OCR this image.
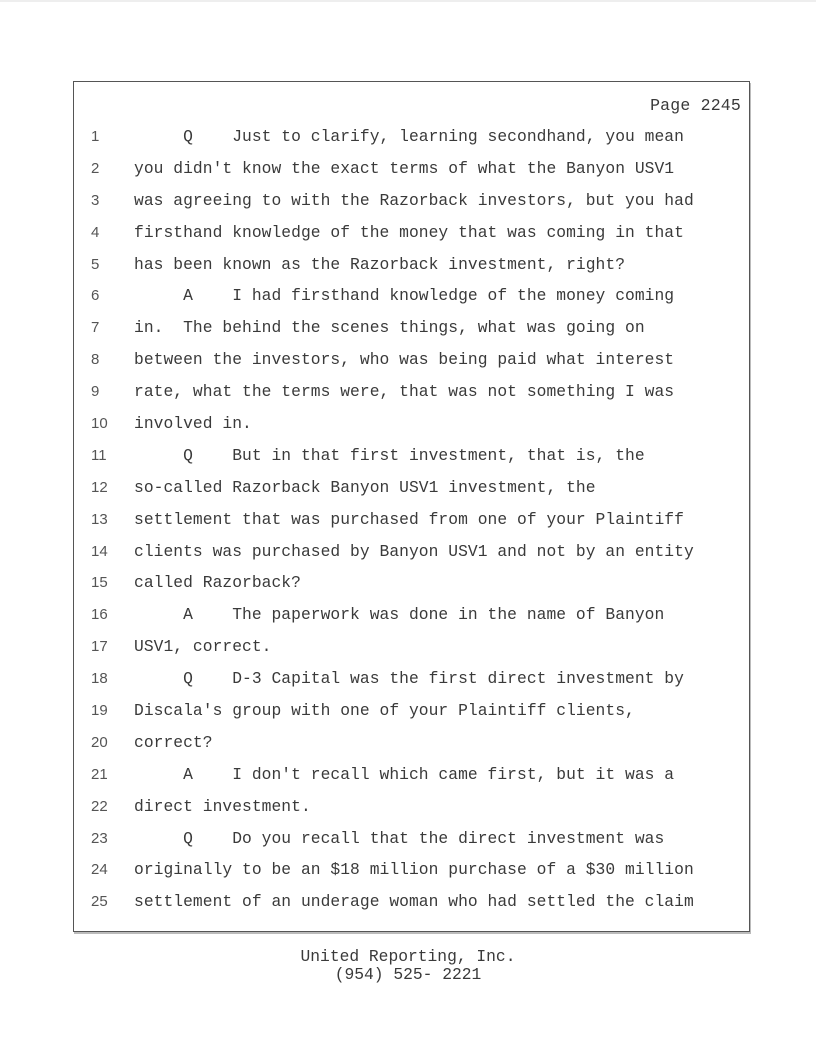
Page 2245
1	Q    Just to clarify, learning secondhand, you mean
2	you didn't know the exact terms of what the Banyon USV1
3	was agreeing to with the Razorback investors, but you had
4	firsthand knowledge of the money that was coming in that
5	has been known as the Razorback investment, right?
6	A    I had firsthand knowledge of the money coming
7	in.  The behind the scenes things, what was going on
8	between the investors, who was being paid what interest
9	rate, what the terms were, that was not something I was
10	involved in.
11	Q    But in that first investment, that is, the
12	so-called Razorback Banyon USV1 investment, the
13	settlement that was purchased from one of your Plaintiff
14	clients was purchased by Banyon USV1 and not by an entity
15	called Razorback?
16	A    The paperwork was done in the name of Banyon
17	USV1, correct.
18	Q    D-3 Capital was the first direct investment by
19	Discala's group with one of your Plaintiff clients,
20	correct?
21	A    I don't recall which came first, but it was a
22	direct investment.
23	Q    Do you recall that the direct investment was
24	originally to be an $18 million purchase of a $30 million
25	settlement of an underage woman who had settled the claim
United Reporting, Inc.
(954) 525- 2221
